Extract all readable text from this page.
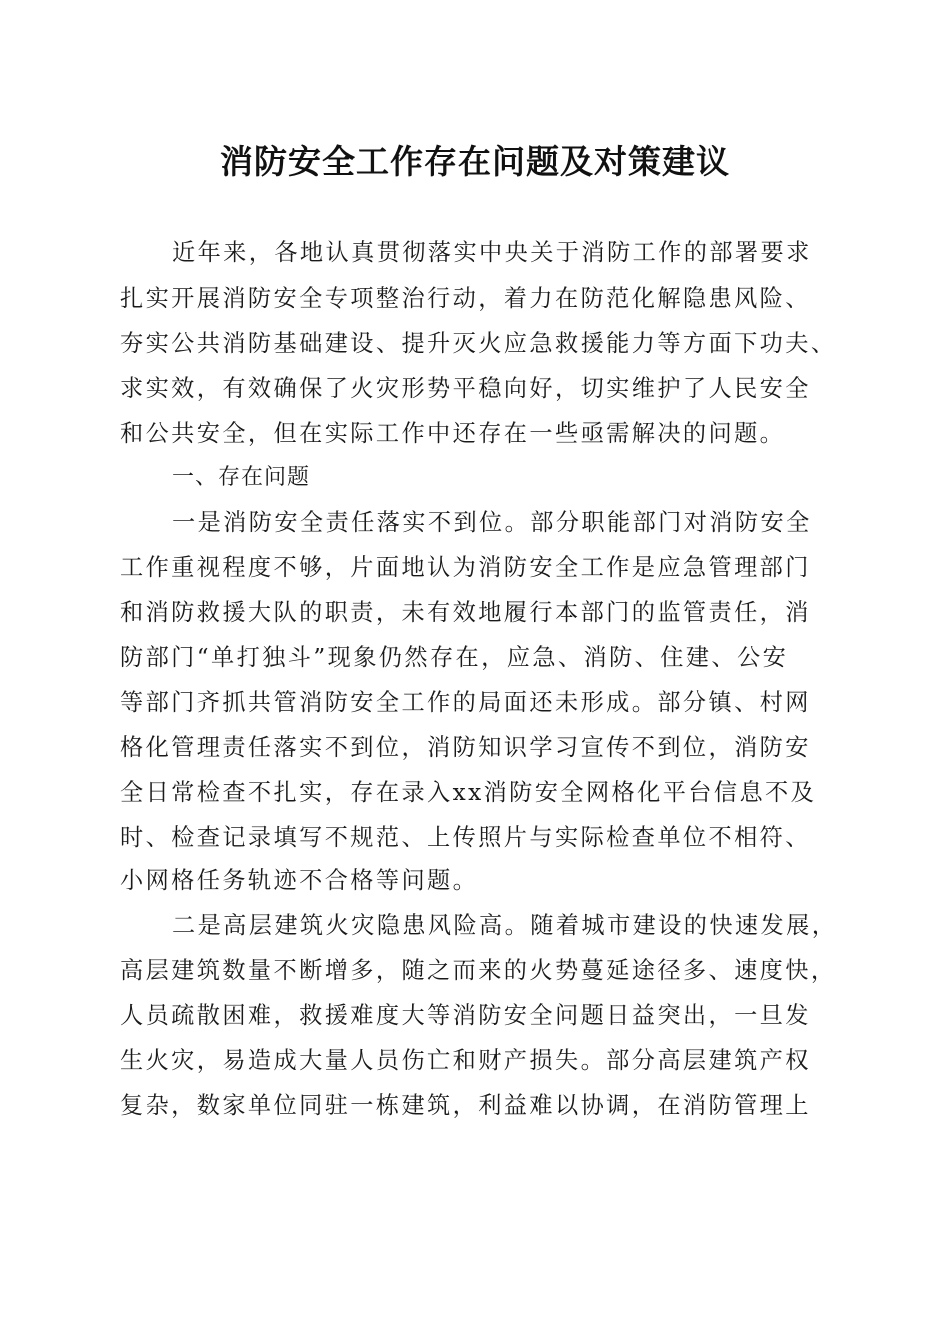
消防安全工作存在问题及对策建议
近年来，各地认真贯彻落实中央关于消防工作的部署要求
扎实开展消防安全专项整治行动，着力在防范化解隐患风险、
夯实公共消防基础建设、提升灭火应急救援能力等方面下功夫、
求实效，有效确保了火灾形势平稳向好，切实维护了人民安全
和公共安全，但在实际工作中还存在一些亟需解决的问题。
一、存在问题
一是消防安全责任落实不到位。部分职能部门对消防安全
工作重视程度不够，片面地认为消防安全工作是应急管理部门
和消防救援大队的职责，未有效地履行本部门的监管责任，消
防部门“单打独斗”现象仍然存在，应急、消防、住建、公安
等部门齐抓共管消防安全工作的局面还未形成。部分镇、村网
格化管理责任落实不到位，消防知识学习宣传不到位，消防安
全日常检查不扎实，存在录入xx消防安全网格化平台信息不及
时、检查记录填写不规范、上传照片与实际检查单位不相符、
小网格任务轨迹不合格等问题。
二是高层建筑火灾隐患风险高。随着城市建设的快速发展，
高层建筑数量不断增多，随之而来的火势蔓延途径多、速度快，
人员疏散困难，救援难度大等消防安全问题日益突出，一旦发
生火灾，易造成大量人员伤亡和财产损失。部分高层建筑产权
复杂，数家单位同驻一栋建筑，利益难以协调，在消防管理上
